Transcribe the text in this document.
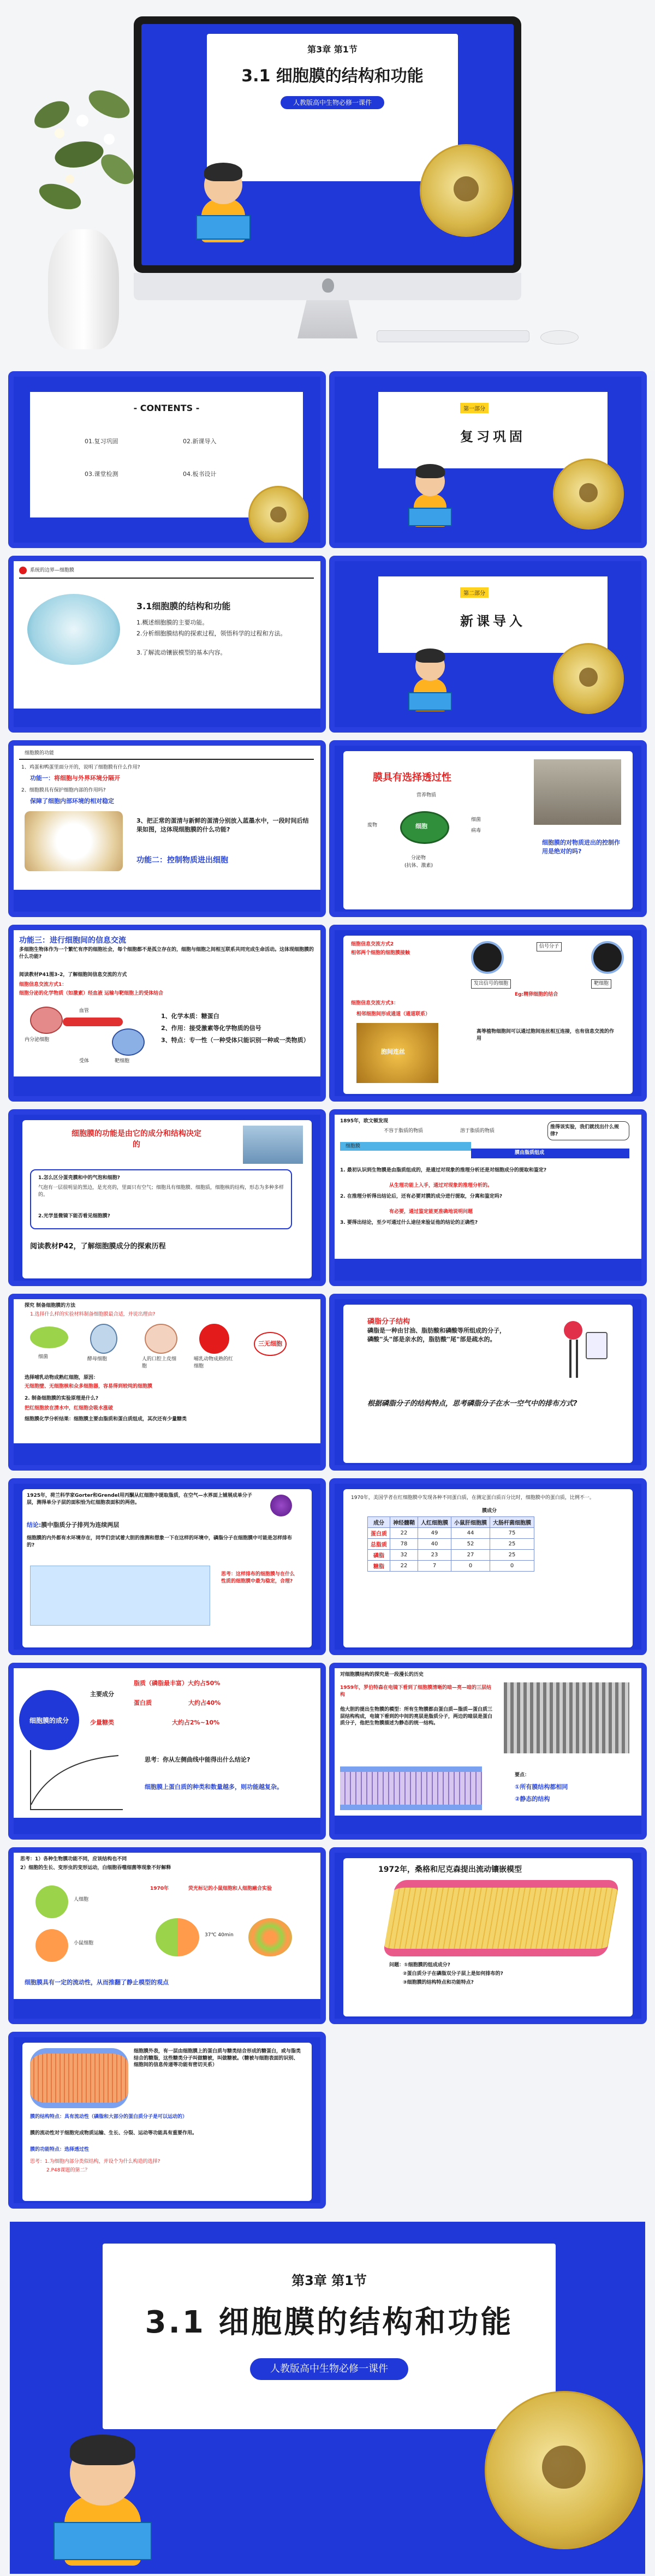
第3章 第1节
3.1 细胞膜的结构和功能
人教版高中生物必修一课件
- CONTENTS -
01.复习巩固	02.新课导入
03.课堂检测	04.板书设计
第一部分
复习巩固
系统的边界—细胞膜
3.1细胞膜的结构和功能
1.概述细胞膜的主要功能。
2.分析细胞膜结构的探索过程，领悟科学的过程和方法。
3.了解流动镶嵌模型的基本内容。
第二部分
新课导入
细胞膜的功能
1、鸡蛋和鸭蛋里面分开的，说明了细胞膜有什么作用?
功能一：将细胞与外界环境分隔开
2、细胞膜具有保护细胞内部的作用吗?
保障了细胞内部环境的相对稳定
3、把正常的蛋清与新鲜的蛋清分别放入蓝墨水中，一段时间后结果如图，这体现细胞膜的什么功能?
功能二：控制物质进出细胞
膜具有选择透过性
营养物质
废物	细胞
细菌
病毒
分泌物
(抗体、激素)
细胞膜的对物质进出的控制作用是绝对的吗?
功能三：进行细胞间的信息交流
多细胞生物体作为一个繁忙有序的细胞社会，每个细胞都不是孤立存在的，细胞与细胞之间相互联系共同完成生命活动。这体现细胞膜的什么功能?
阅读教材P41图3-2，了解细胞间信息交流的方式
细胞信息交流方式1：
细胞分泌的化学物质（如激素）经血液 运输与靶细胞上的受体结合
内分泌细胞
血管
靶细胞
受体
1、化学本质：糖蛋白
2、作用：接受激素等化学物质的信号
3、特点：专一性（一种受体只能识别一种或一类物质）
细胞信息交流方式2
相邻两个细胞的细胞膜接触
信号分子
发出信号的细胞	靶细胞
Eg:精卵细胞的结合
细胞信息交流方式3：
相邻细胞间形成通道（通道联系）
胞间连丝
高等植物细胞间可以通过胞间连丝相互连接，也有信息交流的作用
细胞膜的功能是由它的成分和结构决定的
1.怎么区分蛋壳膜和中的气泡和细胞?
气泡有一层很明显的黑边，是光亮的，里面只有空气；细胞具有细胞膜、细胞质，细胞核的结构，形态为多种多样的。
2.光学显微镜下能否看见细胞膜?
阅读教材P42，了解细胞膜成分的探索历程
1895年，欧文顿发现
不容于脂质的物质	溶于脂质的物质
细胞膜
膜由脂质组成
推得该实验，我们就找出什么规律?
1. 最初认识到生物膜是由脂质组成的，是通过对现象的推理分析还是对细胞成分的提取和鉴定?
从生理功能上入手，通过对现象的推理分析的。
2. 在推理分析得出结论后，还有必要对膜的成分进行提取，分离和鉴定吗?
有必要，通过鉴定能更准确地说明问题
3. 要得出结论，至少可通过什么途径来验证他的结论的正确性?
探究 制备细胞膜的方法
1.选择什么样的实验材料制备细胞膜最合适，并说出理由?
细菌	酵母细胞	人的口腔上皮细胞
哺乳动物成熟的红细胞
三无细胞
选择哺乳动物成熟红细胞，原因：
无细胞壁、无细胞核和众多细胞器，容易得到较纯的细胞膜
2. 制备细胞膜的实验原理是什么?
把红细胞放在清水中，红细胞会吸水涨破
细胞膜化学分析结果：细胞膜主要由脂质和蛋白质组成，其次还有少量糖类
磷脂分子结构
磷脂是一种由甘油、脂肪酸和磷酸等所组成的分子，磷酸"头"部是亲水的，脂肪酸"尾"部是疏水的。
根据磷脂分子的结构特点，思考磷脂分子在水一空气中的排布方式?
1925年，荷兰科学家Gorter和Grendel用丙酮从红细胞中提取脂质，在空气—水界面上铺展成单分子层，测得单分子层的面积恰为红细胞表面积的两倍。
结论:膜中脂质分子排列为连续两层
细胞膜的内外都有水环境存在，同学们尝试着大胆的推测和想象一下在这样的环境中，磷脂分子在细胞膜中可能是怎样排布的?
思考：这样排布的细胞膜与在什么性质的细胞膜中最为稳定，合理?
1970年，美国学者在红细胞膜中发现各种不同蛋白质，在测定蛋白质百分比时，细胞膜中的蛋白质，比例不一。
成分	神经髓鞘	人红细胞膜	小鼠肝细胞膜	大肠杆菌细胞膜
蛋白质	22	49	44	75
总脂质	78	40	52	25
磷脂	32	23	27	25
糖脂	22	7	0	0
膜成分
细胞膜的成分
主要成分
脂质（磷脂最丰富）大约占50%
蛋白质	大约占40%
少量糖类	大约占2%~10%
思考：你从左侧曲线中能得出什么结论?
细胞膜上蛋白质的种类和数量越多，则功能越复杂。
对细胞膜结构的探究是一段漫长的历史
1959年，罗伯特森在电镜下看到了细胞膜清晰的暗—亮—暗的三层结构
他大胆的提出生物膜的模型：所有生物膜都由蛋白质—脂质—蛋白质三层结构构成，电镜下看到的中间的亮层是脂质分子，两边的暗层是蛋白质分子，他把生物膜描述为静态的统一结构。
要点：
①所有膜结构都相同
②静态的结构
思考：1）各种生物膜功能不同，应该结构也不同
2）细胞的生长、变形虫的变形运动，白细胞吞噬细菌等现象不好解释
人细胞
小鼠细胞
1970年	荧光标记的小鼠细胞和人细胞融合实验
37℃ 40min
细胞膜具有一定的流动性，从而推翻了静止模型的观点
1972年，桑格和尼克森提出流动镶嵌模型
问题：①细胞膜的组成成分?
②蛋白质分子在磷脂双分子层上是如何排布的?
③细胞膜的结构特点和功能特点?
细胞膜外表，有一层由细胞膜上的蛋白质与糖类结合形成的糖蛋白，或与脂类结合的糖脂，这些糖类分子叫做糖被，叫做糖被。（糖被与细胞表面的识别、细胞间的信息传递等功能有密切关系）
膜的结构特点：具有流动性（磷脂和大部分的蛋白质分子是可以运动的）
膜的流动性对于细胞完成物质运输、生长、分裂、运动等功能具有重要作用。
膜的功能特点：选择透过性
思考：1.为细胞内部分类似结构，并设个为什么构造的选择?
2.P48课题的第二？
第3章 第1节
3.1 细胞膜的结构和功能
人教版高中生物必修一课件
